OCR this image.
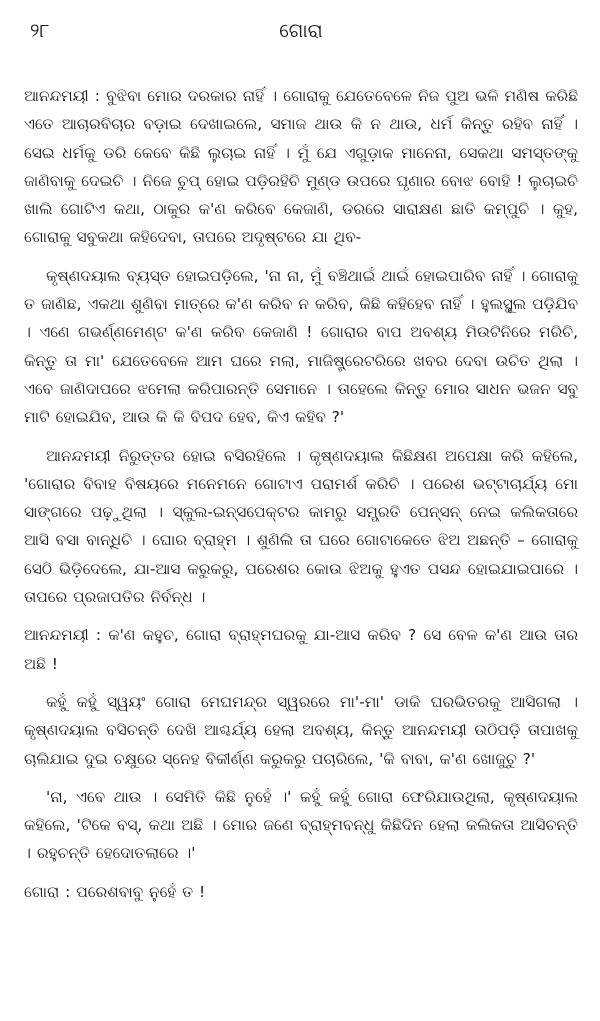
୨୮	ଗୋରା

ଆନନ୍ଦମୟୀ : ବୁଝିବା ମୋର ଦରକାର ନାହିଁ । ଗୋରାକୁ ଯେତେବେଳେ ନିଜ ପୁଅ ଭଳି ମଣିଷ କରିଛି ଏତେ ଆଚାରବିଚାର ବଡ଼ାଇ ଦେଖାଇଲେ, ସମାଜ ଥାଉ କି ନ ଥାଉ, ଧର୍ମ କିନ୍ତୁ ରହିବ ନାହିଁ । ସେଇ ଧର୍ମକୁ ଡରି କେବେ କିଛି ଲୁଚାଇ ନାହିଁ । ମୁଁ ଯେ ଏଗୁଡ଼ାକ ମାନେନା, ସେକଥା ସମସ୍ତଙ୍କୁ ଜାଣିବାକୁ ଦେଇଚି । ନିଜେ ଚୁପ୍ ହୋଇ ପଡ଼ିରହିଚି ମୁଣ୍ଡ ଉପରେ ଘୃଣାର ବୋଝ ବୋହି ! ଲୁଚାଇଚି ଖାଲି ଗୋଟିଏ କଥା, ଠାକୁର କ'ଣ କରିବେ କେଜାଣି, ଡରରେ ସାରାକ୍ଷଣ ଛାତି କମ୍ପୁଚି । କୁହ, ଗୋରାକୁ ସବୁକଥା କହିଦେବା, ତାପରେ ଅଦୃଷ୍ଟରେ ଯା ଥିବ-

କୃଷ୍ଣଦୟାଲ ବ୍ୟସ୍ତ ହୋଇପଡ଼ିଲେ, 'ନା ନା, ମୁଁ ବଞ୍ଚିଥାଇଁ ଥାଇଁ ହୋଇପାରିବ ନାହିଁ । ଗୋରାକୁ ତ ଜାଣିଛ, ଏକଥା ଶୁଣିବା ମାତ୍ରେ କ'ଣ କରିବ ନ କରିବ, କିଛି କହିହେବ ନାହିଁ । ହୁଲସ୍ଥୂଲ ପଡ଼ିଯିବ । ଏଣେ ଗଭର୍ଣ୍ଣମେଣ୍ଟ କ'ଣ କରିବ କେଜାଣି ! ଗୋରାର ବାପ ଅବଶ୍ୟ ମିଉଟିନିରେ ମରିଚି, କିନ୍ତୁ ତା ମା' ଯେତେବେଳେ ଆମ ଘରେ ମଲା, ମାଜିଷ୍ଟ୍ରେଟରିରେ ଖବର ଦେବା ଉଚିତ ଥିଲା । ଏବେ ଜାଣିଦାପରେ ଝମେଲା କରିପାରନ୍ତି ସେମାନେ । ତାହେଲେ କିନ୍ତୁ ମୋର ସାଧନ ଭଜନ ସବୁ ମାଟି ହୋଇଯିବ, ଆଉ କି କି ବିପଦ ହେବ, କିଏ କହିବ ?'

ଆନନ୍ଦମୟୀ ନିରୁତ୍ତର ହୋଇ ବସିରହିଲେ । କୃଷ୍ଣଦୟାଲ କିଛିକ୍ଷଣ ଅପେକ୍ଷା କରି କହିଲେ, 'ଗୋରାର ବିବାହ ବିଷୟରେ ମନେମନେ ଗୋଟାଏ ପରାମର୍ଶ କରିଚି । ପରେଶ ଭଟ୍ଟାଚାର୍ଯ୍ୟ ମୋ ସାଙ୍ଗରେ ପଢ଼ୁଥିଲା । ସ୍କୁଲ-ଇନ୍ସପେକ୍ଟର କାମରୁ ସମ୍ପ୍ରତି ପେନ୍ସନ୍ ନେଇ କଲିକତାରେ ଆସି ବସା ବାନ୍ଧିଚି । ଘୋର ବ୍ରାହ୍ମ । ଶୁଣିଲି ତା ଘରେ ଗୋଟାକେତେ ଝିଅ ଅଛନ୍ତି – ଗୋରାକୁ ସେଠି ଭିଡ଼ିଦେଲେ, ଯା-ଆସ କରୁକରୁ, ପରେଶର କୋଉ ଝିଅକୁ ହୁଏତ ପସନ୍ଦ ହୋଇଯାଇପାରେ । ତାପରେ ପ୍ରଜାପତିର ନିର୍ବନ୍ଧ ।

ଆନନ୍ଦମୟୀ : କ'ଣ କହୁଚ, ଗୋରା ବ୍ରାହ୍ମଘରକୁ ଯା-ଆସ କରିବ ? ସେ ବେଳ କ'ଣ ଆଉ ତାର ଅଛି !

କହୁଁ କହୁଁ ସ୍ୱୟଂ ଗୋରା ମେଘମନ୍ଦ୍ର ସ୍ୱରରେ ମା'-ମା' ଡାକି ଘରଭିତରକୁ ଆସିଗଲା । କୃଷ୍ଣଦୟାଲ ବସିଚନ୍ତି ଦେଖି ଆଶ୍ଚର୍ଯ୍ୟ ହେଲା ଅବଶ୍ୟ, କିନ୍ତୁ ଆନନ୍ଦମୟୀ ଉଠିପଡ଼ି ତାପାଖକୁ ଚାଲିଯାଇ ଦୁଇ ଚକ୍ଷୁରେ ସ୍ନେହ ବିକୀର୍ଣ୍ଣ କରୁକରୁ ପଚାରିଲେ, 'କି ବାବା, କ'ଣ ଖୋଜୁଚୁ ?'

'ନା, ଏବେ ଥାଉ । ସେମିତି କିଛି ନୁହେଁ ।' କହୁଁ କହୁଁ ଗୋରା ଫେରିଯାଉଥିଲା, କୃଷ୍ଣଦୟାଲ କହିଲେ, 'ଟିକେ ବସ୍, କଥା ଅଛି । ମୋର ଜଣେ ବ୍ରାହ୍ମବନ୍ଧୁ କିଛିଦିନ ହେଲା କଲିକତା ଆସିଚନ୍ତି । ରହୁଚନ୍ତି ହେଦୋତଲାରେ ।'

ଗୋରା : ପରେଶବାବୁ ନୁହେଁ ତ !
